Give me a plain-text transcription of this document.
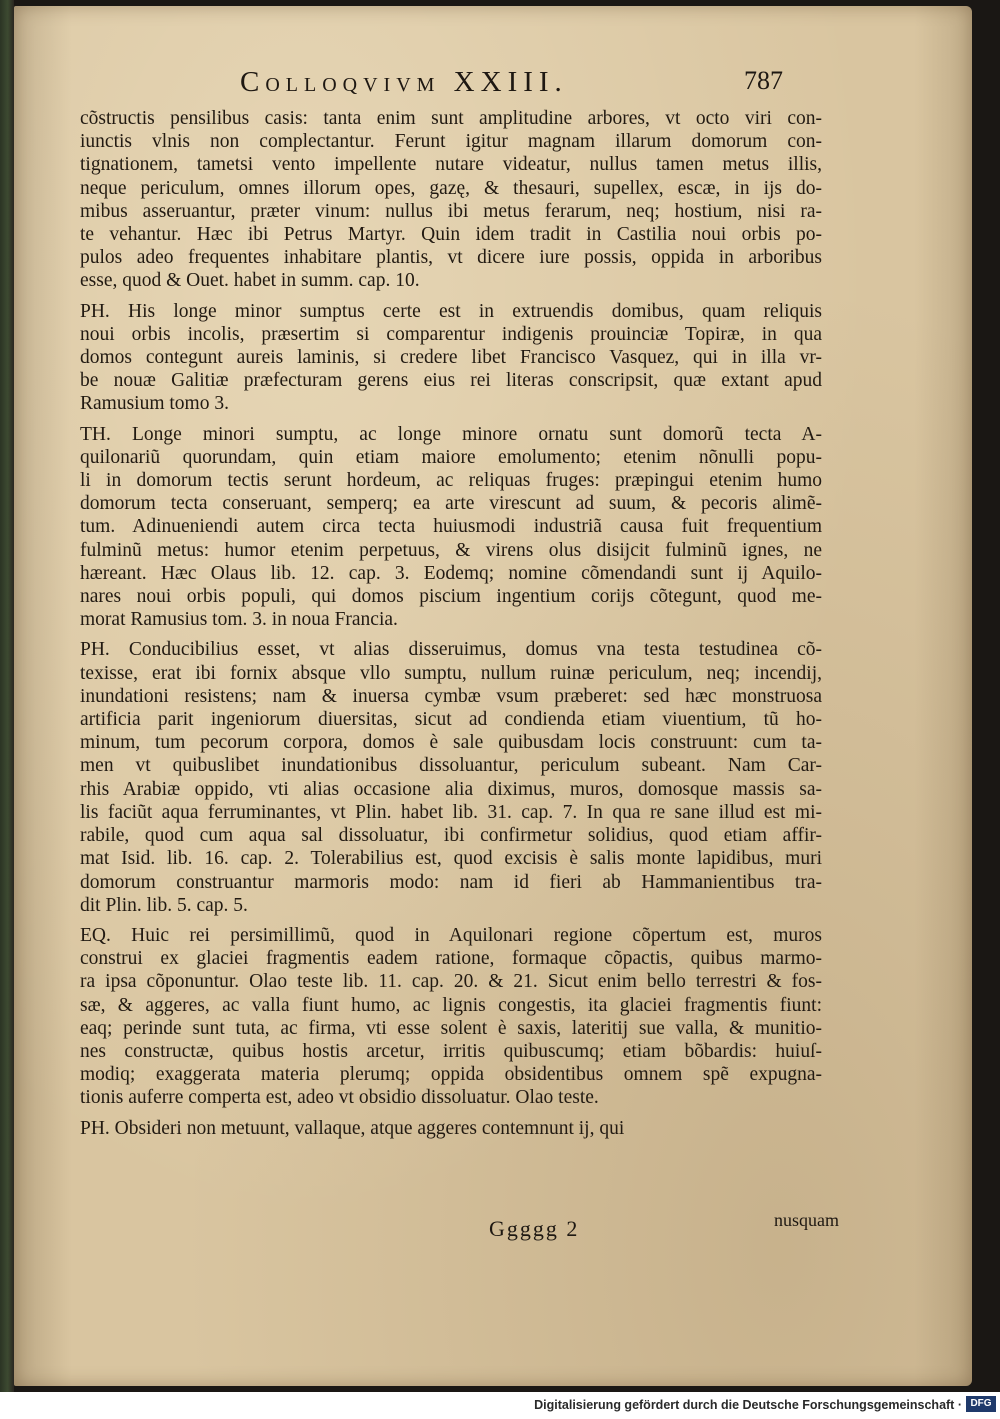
Colloqvivm XXIII.	787
cõstructis pensilibus casis: tanta enim sunt amplitudine arbores, vt octo viri con-
iunctis vlnis non complectantur. Ferunt igitur magnam illarum domorum con-
tignationem, tametsi vento impellente nutare videatur, nullus tamen metus illis,
neque periculum, omnes illorum opes, gazę, & thesauri, supellex, escæ, in ijs do-
mibus asseruantur, præter vinum: nullus ibi metus ferarum, neq; hostium, nisi ra-
te vehantur. Hæc ibi Petrus Martyr. Quin idem tradit in Castilia noui orbis po-
pulos adeo frequentes inhabitare plantis, vt dicere iure possis, oppida in arboribus
esse, quod & Ouet. habet in summ. cap. 10.
PH. His longe minor sumptus certe est in extruendis domibus, quam reliquis
noui orbis incolis, præsertim si comparentur indigenis prouinciæ Topiræ, in qua
domos contegunt aureis laminis, si credere libet Francisco Vasquez, qui in illa vr-
be nouæ Galitiæ præfecturam gerens eius rei literas conscripsit, quæ extant apud
Ramusium tomo 3.
TH. Longe minori sumptu, ac longe minore ornatu sunt domorũ tecta A-
quilonariũ quorundam, quin etiam maiore emolumento; etenim nõnulli popu-
li in domorum tectis serunt hordeum, ac reliquas fruges: præpingui etenim humo
domorum tecta conseruant, semperq; ea arte virescunt ad suum, & pecoris alimẽ-
tum. Adinueniendi autem circa tecta huiusmodi industriã causa fuit frequentium
fulminũ metus: humor etenim perpetuus, & virens olus disijcit fulminũ ignes, ne
hæreant. Hæc Olaus lib. 12. cap. 3. Eodemq; nomine cõmendandi sunt ij Aquilo-
nares noui orbis populi, qui domos piscium ingentium corijs cõtegunt, quod me-
morat Ramusius tom. 3. in noua Francia.
PH. Conducibilius esset, vt alias disseruimus, domus vna testa testudinea cõ-
texisse, erat ibi fornix absque vllo sumptu, nullum ruinæ periculum, neq; incendij,
inundationi resistens; nam & inuersa cymbæ vsum præberet: sed hæc monstruosa
artificia parit ingeniorum diuersitas, sicut ad condienda etiam viuentium, tũ ho-
minum, tum pecorum corpora, domos è sale quibusdam locis construunt: cum ta-
men vt quibuslibet inundationibus dissoluantur, periculum subeant. Nam Car-
rhis Arabiæ oppido, vti alias occasione alia diximus, muros, domosque massis sa-
lis faciũt aqua ferruminantes, vt Plin. habet lib. 31. cap. 7. In qua re sane illud est mi-
rabile, quod cum aqua sal dissoluatur, ibi confirmetur solidius, quod etiam affir-
mat Isid. lib. 16. cap. 2. Tolerabilius est, quod excisis è salis monte lapidibus, muri
domorum construantur marmoris modo: nam id fieri ab Hammanientibus tra-
dit Plin. lib. 5. cap. 5.
EQ. Huic rei persimillimũ, quod in Aquilonari regione cõpertum est, muros
construi ex glaciei fragmentis eadem ratione, formaque cõpactis, quibus marmo-
ra ipsa cõponuntur. Olao teste lib. 11. cap. 20. & 21. Sicut enim bello terrestri & fos-
sæ, & aggeres, ac valla fiunt humo, ac lignis congestis, ita glaciei fragmentis fiunt:
eaq; perinde sunt tuta, ac firma, vti esse solent è saxis, lateritij sue valla, & munitio-
nes constructæ, quibus hostis arcetur, irritis quibuscumq; etiam bõbardis: huiuſ-
modiq; exaggerata materia plerumq; oppida obsidentibus omnem spẽ expugna-
tionis auferre comperta est, adeo vt obsidio dissoluatur. Olao teste.
PH. Obsideri non metuunt, vallaque, atque aggeres contemnunt ij, qui
Ggggg 2	nusquam
Digitalisierung gefördert durch die Deutsche Forschungsgemeinschaft · DFG
